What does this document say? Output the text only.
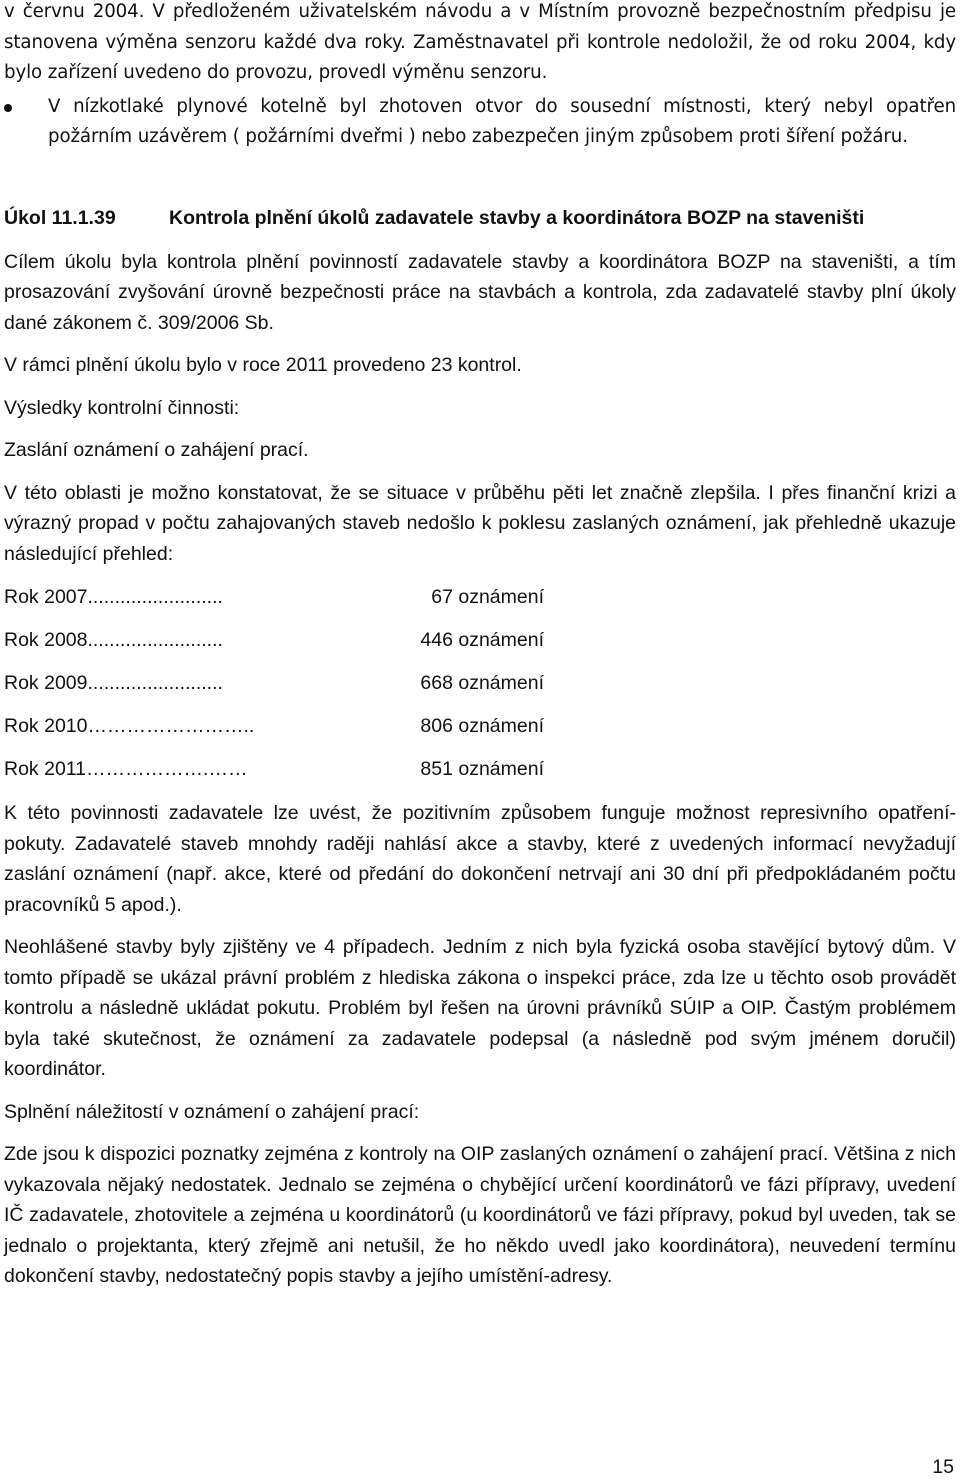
v červnu 2004. V předloženém uživatelském návodu a v Místním provozně bezpečnostním předpisu je stanovena výměna senzoru každé dva roky. Zaměstnavatel při kontrole nedoložil, že od roku 2004, kdy bylo zařízení uvedeno do provozu, provedl výměnu senzoru.

V nízkotlaké plynové kotelně byl zhotoven otvor do sousední místnosti, který nebyl opatřen požárním uzávěrem ( požárními dveřmi ) nebo zabezpečen jiným způsobem proti šíření požáru.

Úkol 11.1.39	Kontrola plnění úkolů zadavatele stavby a koordinátora BOZP na staveništi

Cílem úkolu byla kontrola plnění povinností zadavatele stavby a koordinátora BOZP na staveništi, a tím prosazování zvyšování úrovně bezpečnosti práce na stavbách a kontrola, zda zadavatelé stavby plní úkoly dané zákonem č. 309/2006 Sb.

V rámci plnění úkolu bylo v roce 2011 provedeno 23 kontrol.

Výsledky kontrolní činnosti:

Zaslání oznámení o zahájení prací.

V této oblasti je možno konstatovat, že se situace v průběhu pěti let značně zlepšila. I přes finanční krizi a výrazný propad v počtu zahajovaných staveb nedošlo k poklesu zaslaných oznámení, jak přehledně ukazuje následující přehled:

Rok 2007.........................	67 oznámení
Rok 2008.........................	446 oznámení
Rok 2009.........................	668 oznámení
Rok 2010……………………..	806 oznámení
Rok 2011……………….……	851 oznámení

K této povinnosti zadavatele lze uvést, že pozitivním způsobem funguje možnost represivního opatření-pokuty. Zadavatelé staveb mnohdy raději nahlásí akce a stavby, které z uvedených informací nevyžadují zaslání oznámení (např. akce, které od předání do dokončení netrvají ani 30 dní při předpokládaném počtu pracovníků 5 apod.).

Neohlášené stavby byly zjištěny ve 4 případech. Jedním z nich byla fyzická osoba stavějící bytový dům. V tomto případě se ukázal právní problém z hlediska zákona o inspekci práce, zda lze u těchto osob provádět kontrolu a následně ukládat pokutu. Problém byl řešen na úrovni právníků SÚIP a OIP. Častým problémem byla také skutečnost, že oznámení za zadavatele podepsal (a následně pod svým jménem doručil) koordinátor.

Splnění náležitostí v oznámení o zahájení prací:

Zde jsou k dispozici poznatky zejména z kontroly na OIP zaslaných oznámení o zahájení prací. Většina z nich vykazovala nějaký nedostatek. Jednalo se zejména o chybějící určení koordinátorů ve fázi přípravy, uvedení IČ zadavatele, zhotovitele a zejména u koordinátorů (u koordinátorů ve fázi přípravy, pokud byl uveden, tak se jednalo o projektanta, který zřejmě ani netušil, že ho někdo uvedl jako koordinátora), neuvedení termínu dokončení stavby, nedostatečný popis stavby a jejího umístění-adresy.

15
